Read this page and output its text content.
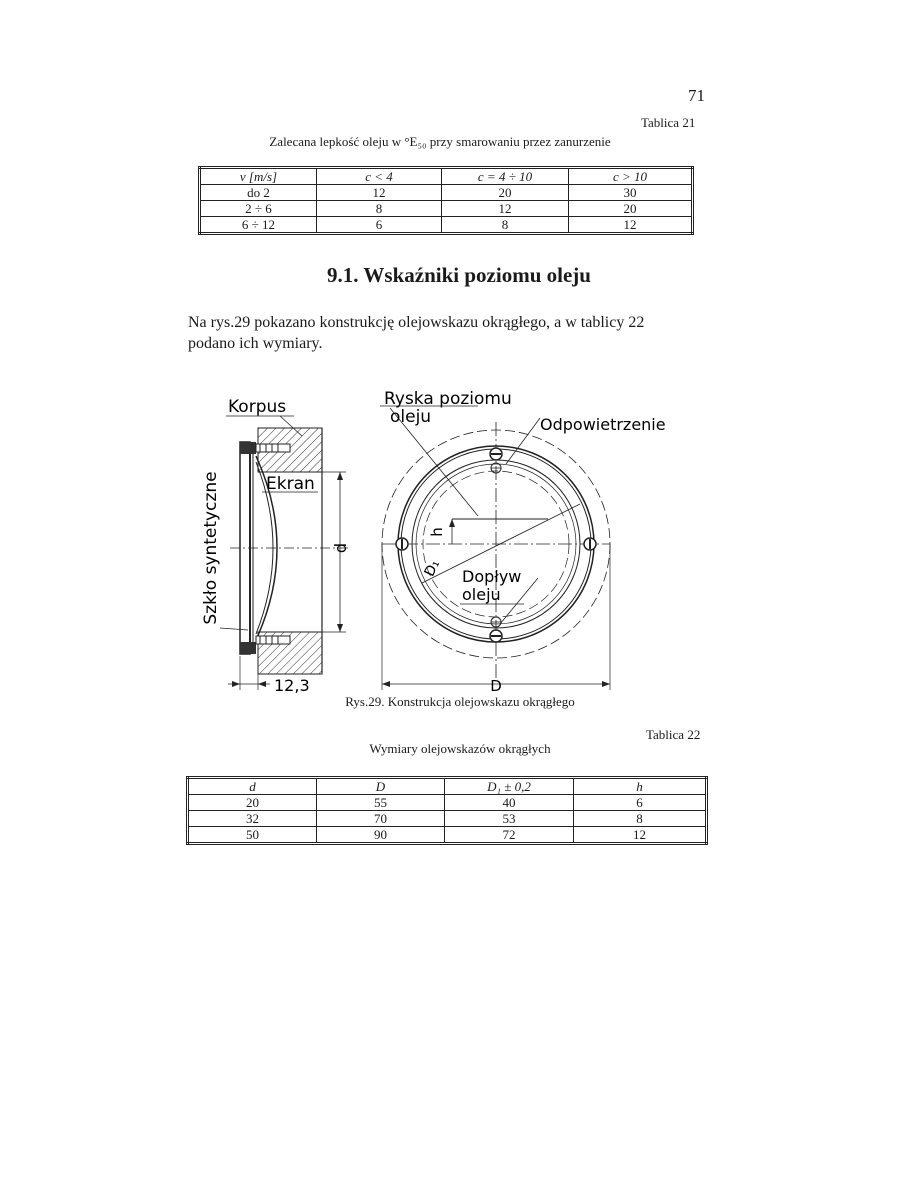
71
Tablica 21
Zalecana lepkość oleju w °E₅₀ przy smarowaniu przez zanurzenie
v [m/s]	c < 4	c = 4 ÷ 10	c > 10
do 2	12	20	30
2 ÷ 6	8	12	20
6 ÷ 12	6	8	12
9.1. Wskaźniki poziomu oleju
Na rys.29 pokazano konstrukcję olejowskazu okrągłego, a w tablicy 22
podano ich wymiary.
d
12,3
Korpus
Szkło syntetyczne	Ekran
h
D₁
D
Ryska poziomu
oleju	Odpowietrzenie
Dopływ
oleju
Rys.29. Konstrukcja olejowskazu okrągłego
Tablica 22
Wymiary olejowskazów okrągłych
d	D	D₁ ± 0,2	h
20	55	40	6
32	70	53	8
50	90	72	12
